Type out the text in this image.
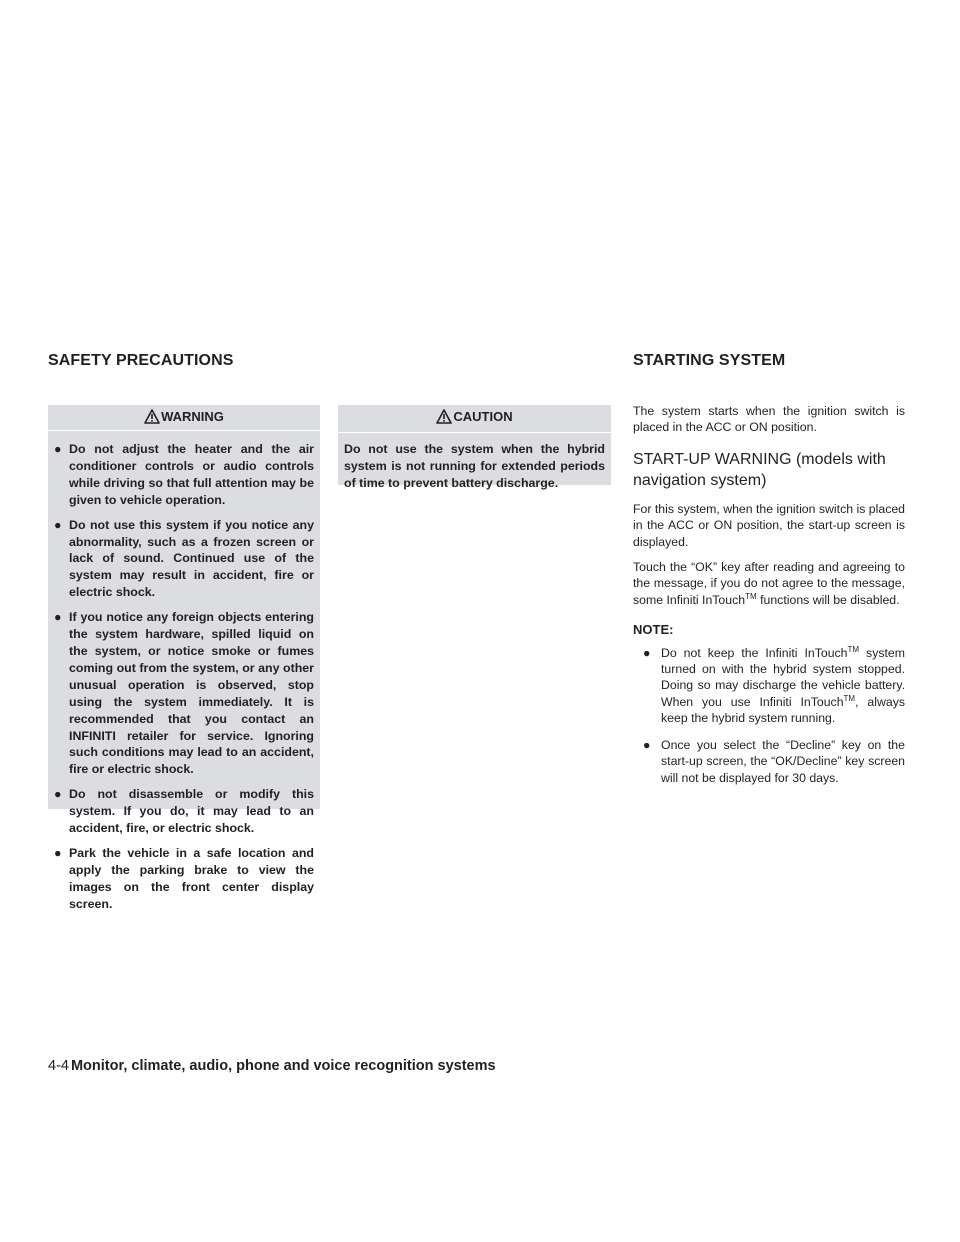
SAFETY PRECAUTIONS	STARTING SYSTEM
WARNING
● Do not adjust the heater and the air conditioner controls or audio controls while driving so that full attention may be given to vehicle operation.
● Do not use this system if you notice any abnormality, such as a frozen screen or lack of sound. Continued use of the system may result in accident, fire or electric shock.
● If you notice any foreign objects entering the system hardware, spilled liquid on the system, or notice smoke or fumes coming out from the system, or any other unusual operation is observed, stop using the system immediately. It is recommended that you contact an INFINITI retailer for service. Ignoring such conditions may lead to an accident, fire or electric shock.
● Do not disassemble or modify this system. If you do, it may lead to an accident, fire, or electric shock.
● Park the vehicle in a safe location and apply the parking brake to view the images on the front center display screen.
CAUTION
Do not use the system when the hybrid system is not running for extended periods of time to prevent battery discharge.

The system starts when the ignition switch is placed in the ACC or ON position.

START-UP WARNING (models with navigation system)

For this system, when the ignition switch is placed in the ACC or ON position, the start-up screen is displayed.

Touch the “OK” key after reading and agreeing to the message, if you do not agree to the message, some Infiniti InTouch™ functions will be disabled.

NOTE:
● Do not keep the Infiniti InTouch™ system turned on with the hybrid system stopped. Doing so may discharge the vehicle battery. When you use Infiniti InTouch™, always keep the hybrid system running.
● Once you select the “Decline” key on the start-up screen, the “OK/Decline” key screen will not be displayed for 30 days.
4-4 Monitor, climate, audio, phone and voice recognition systems
